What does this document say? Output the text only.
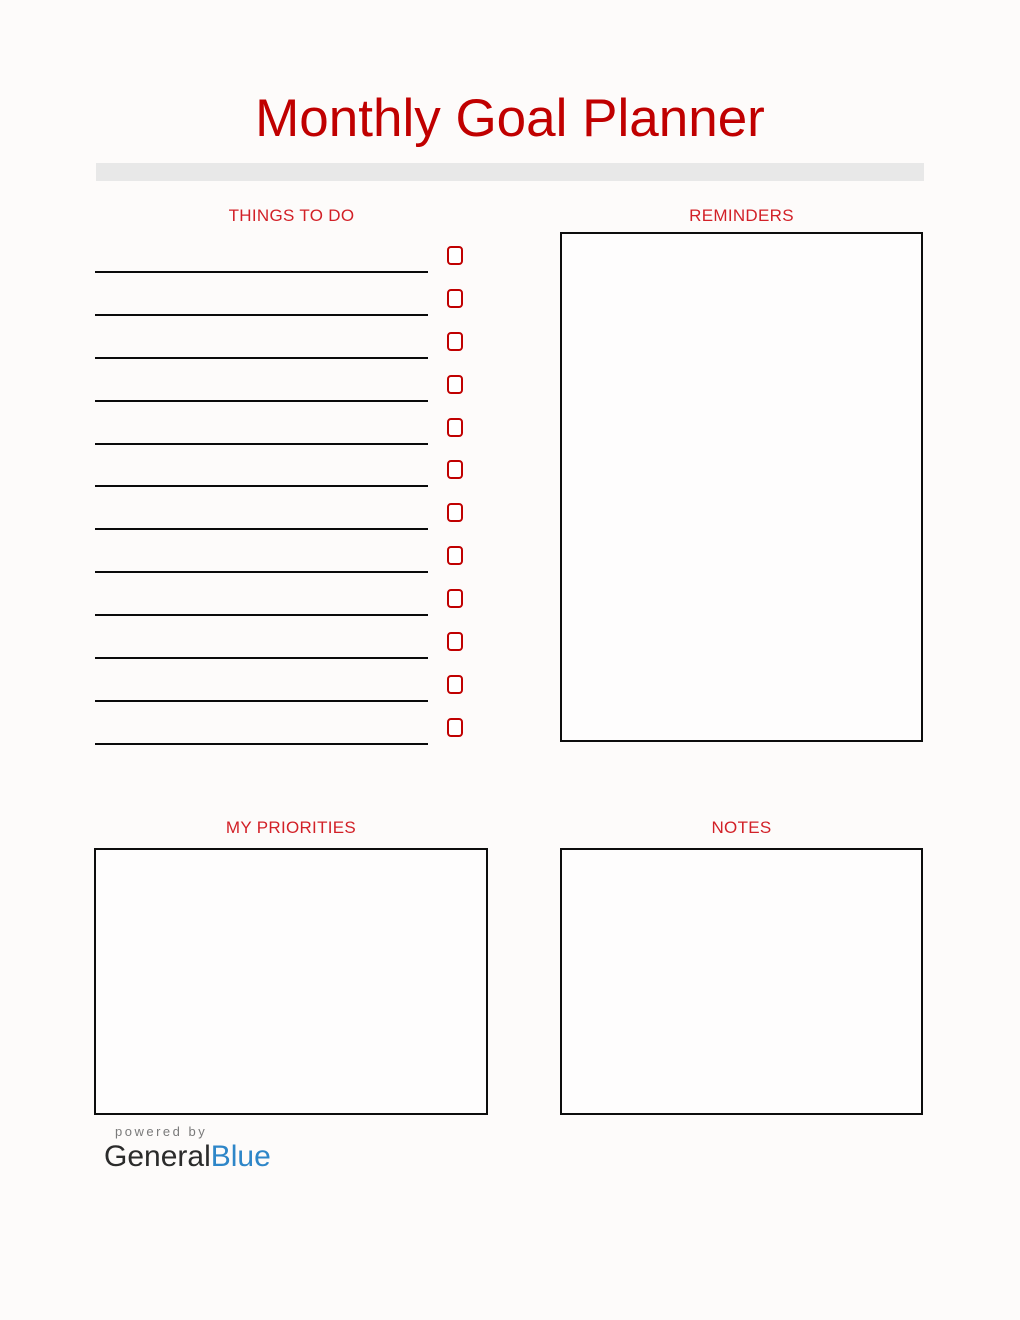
Monthly Goal Planner
THINGS TO DO	REMINDERS
MY PRIORITIES	NOTES
powered by
GeneralBlue
